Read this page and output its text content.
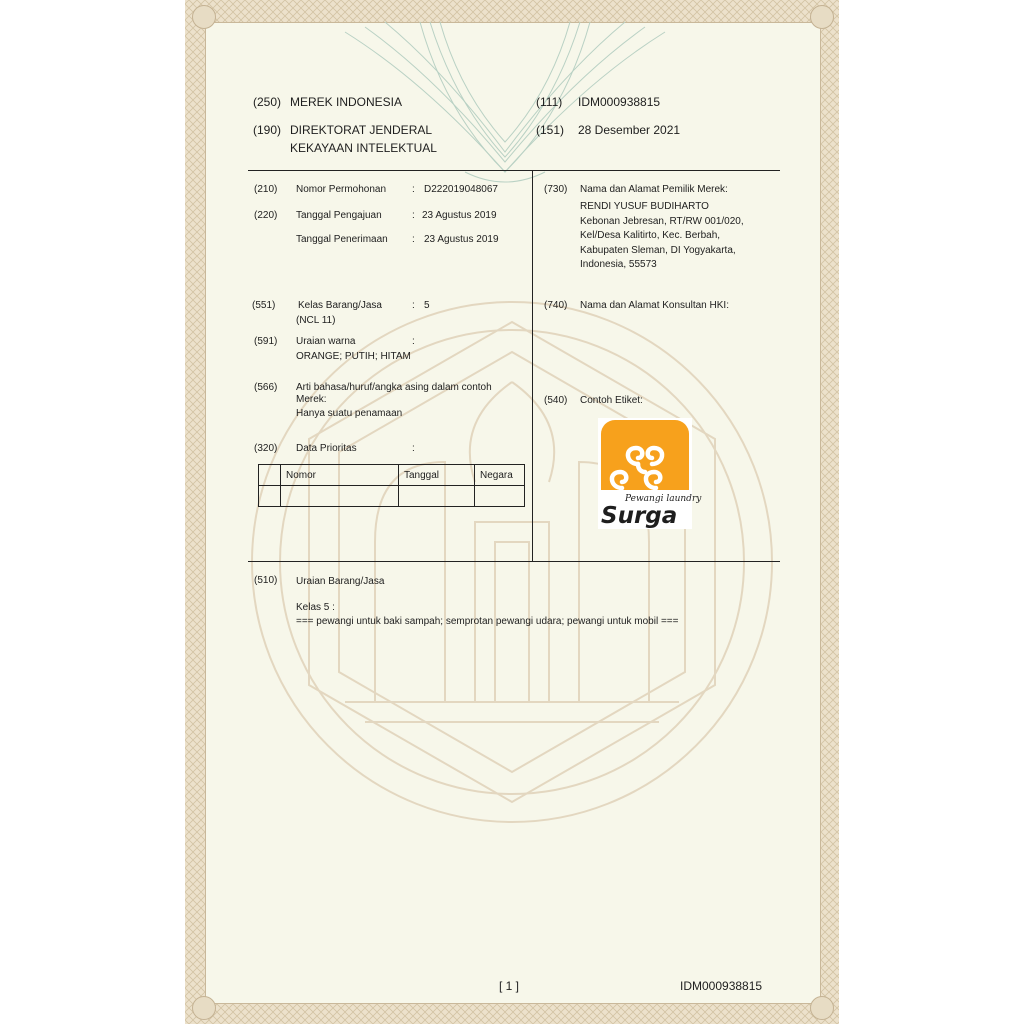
(250) MEREK INDONESIA
(190) DIREKTORAT JENDERAL
KEKAYAAN INTELEKTUAL
(111) IDM000938815
(151) 28 Desember 2021
(210) Nomor Permohonan	: D222019048067
(220) Tanggal Pengajuan	: 23 Agustus 2019
Tanggal Penerimaan : 23 Agustus 2019
(551) Kelas Barang/Jasa	: 5
(NCL 11)
(591) Uraian warna	:
ORANGE; PUTIH; HITAM
(566) Arti bahasa/huruf/angka asing dalam contoh
Merek:
Hanya suatu penamaan
(320) Data Prioritas	:
	Nomor	Tanggal	Negara

(730) Nama dan Alamat Pemilik Merek:
RENDI YUSUF BUDIHARTO
Kebonan Jebresan, RT/RW 001/020,
Kel/Desa Kalitirto, Kec. Berbah,
Kabupaten Sleman, DI Yogyakarta,
Indonesia, 55573
(740) Nama dan Alamat Konsultan HKI:
(540) Contoh Etiket:
Pewangi laundry
Surga
(510) Uraian Barang/Jasa
Kelas 5 :
=== pewangi untuk baki sampah; semprotan pewangi udara; pewangi untuk mobil ===
[ 1 ]	IDM000938815
